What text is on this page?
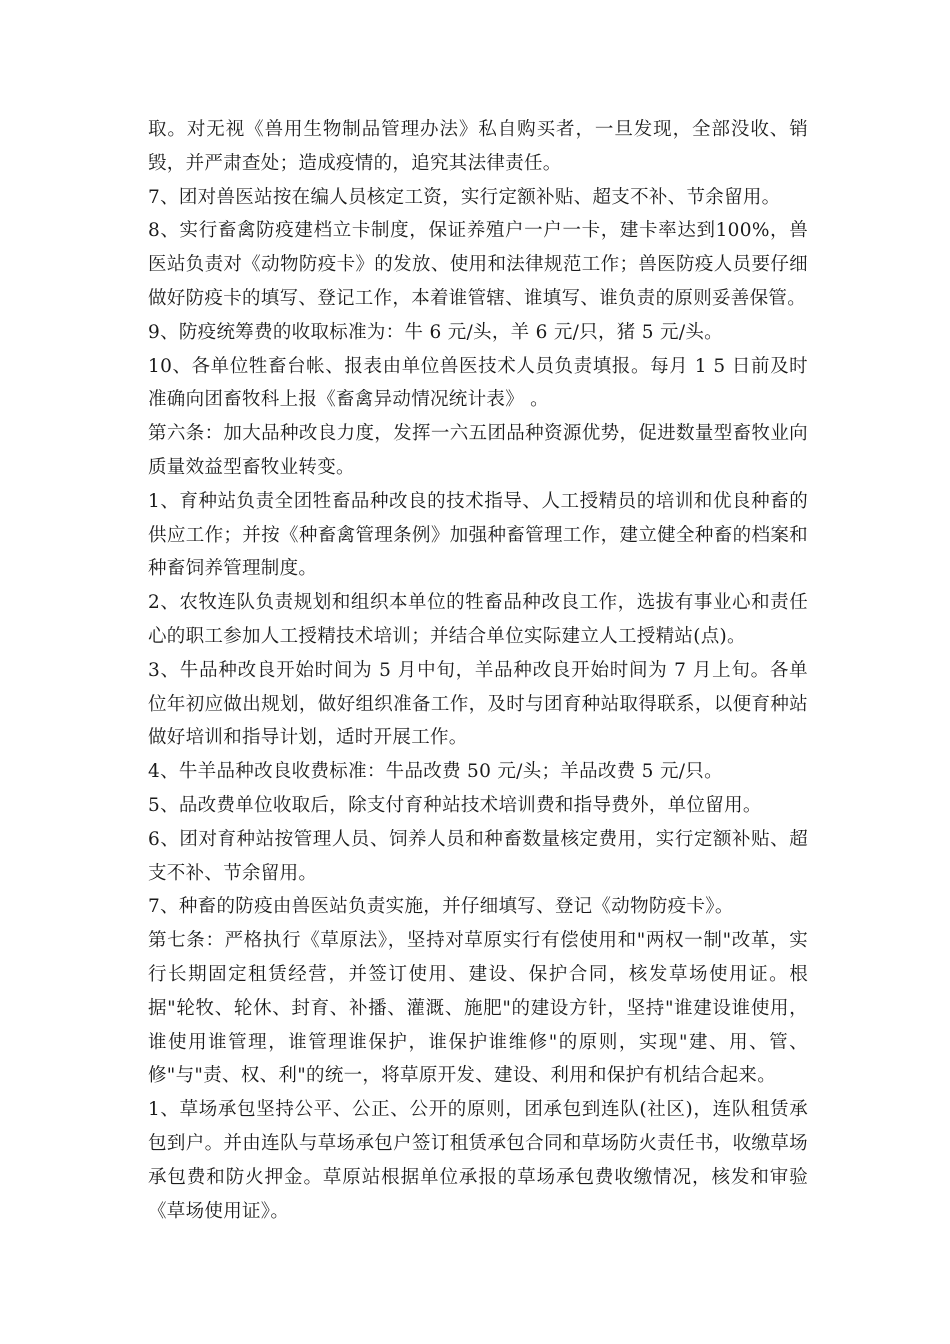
取。对无视《兽用生物制品管理办法》私自购买者，一旦发现，全部没收、销毁，并严肃查处；造成疫情的，追究其法律责任。

7、团对兽医站按在编人员核定工资，实行定额补贴、超支不补、节余留用。

8、实行畜禽防疫建档立卡制度，保证养殖户一户一卡，建卡率达到100%，兽医站负责对《动物防疫卡》的发放、使用和法律规范工作；兽医防疫人员要仔细做好防疫卡的填写、登记工作，本着谁管辖、谁填写、谁负责的原则妥善保管。

9、防疫统筹费的收取标准为：牛 6 元/头，羊 6 元/只，猪 5 元/头。

10、各单位牲畜台帐、报表由单位兽医技术人员负责填报。每月 1 5 日前及时准确向团畜牧科上报《畜禽异动情况统计表》 。

第六条：加大品种改良力度，发挥一六五团品种资源优势，促进数量型畜牧业向质量效益型畜牧业转变。

1、育种站负责全团牲畜品种改良的技术指导、人工授精员的培训和优良种畜的供应工作；并按《种畜禽管理条例》加强种畜管理工作，建立健全种畜的档案和种畜饲养管理制度。

2、农牧连队负责规划和组织本单位的牲畜品种改良工作，选拔有事业心和责任心的职工参加人工授精技术培训；并结合单位实际建立人工授精站(点)。

3、牛品种改良开始时间为 5 月中旬，羊品种改良开始时间为 7 月上旬。各单位年初应做出规划，做好组织准备工作，及时与团育种站取得联系，以便育种站做好培训和指导计划，适时开展工作。

4、牛羊品种改良收费标准：牛品改费 50 元/头；羊品改费 5 元/只。

5、品改费单位收取后，除支付育种站技术培训费和指导费外，单位留用。

6、团对育种站按管理人员、饲养人员和种畜数量核定费用，实行定额补贴、超支不补、节余留用。

7、种畜的防疫由兽医站负责实施，并仔细填写、登记《动物防疫卡》。

第七条：严格执行《草原法》，坚持对草原实行有偿使用和"两权一制"改革，实行长期固定租赁经营，并签订使用、建设、保护合同，核发草场使用证。根据"轮牧、轮休、封育、补播、灌溉、施肥"的建设方针，坚持"谁建设谁使用，谁使用谁管理，谁管理谁保护，谁保护谁维修"的原则，实现"建、用、管、修"与"责、权、利"的统一，将草原开发、建设、利用和保护有机结合起来。

1、草场承包坚持公平、公正、公开的原则，团承包到连队(社区)，连队租赁承包到户。并由连队与草场承包户签订租赁承包合同和草场防火责任书，收缴草场承包费和防火押金。草原站根据单位承报的草场承包费收缴情况，核发和审验《草场使用证》。
